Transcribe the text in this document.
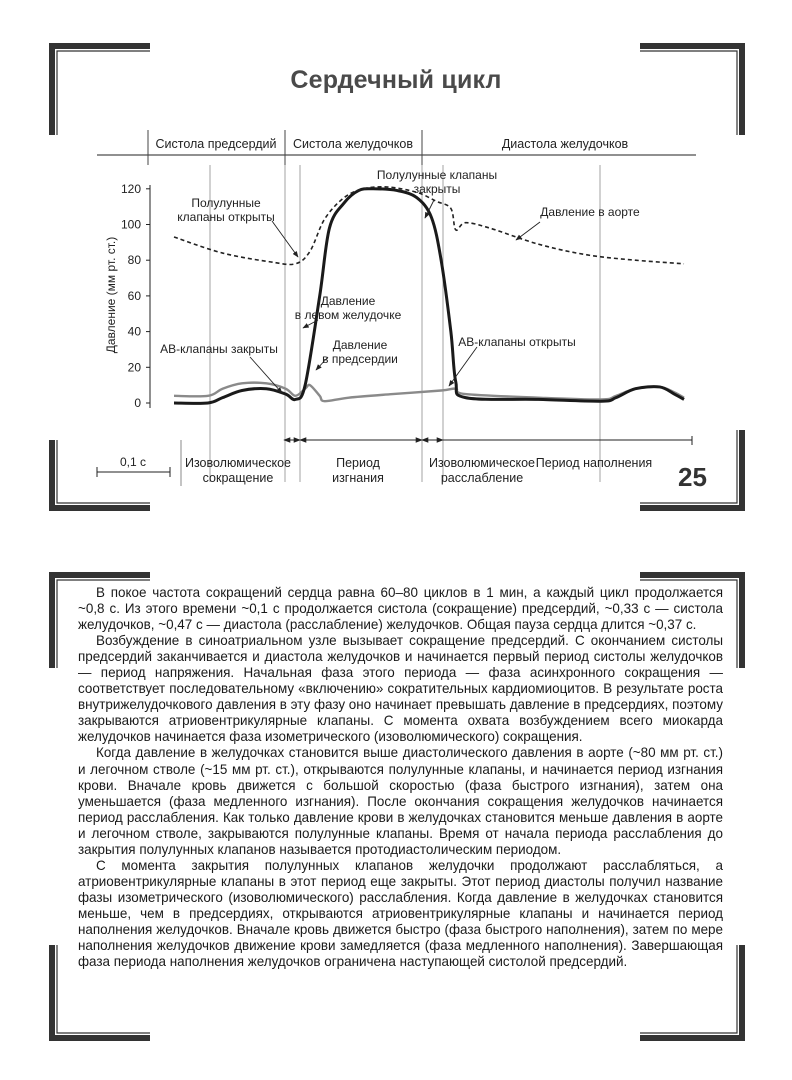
Сердечный цикл
Систола предсердий Систола желудочков	Диастола желудочков
0
20
40
60
80
100
120
Давление (мм рт. ст.)
Полулунные клапаны открыты
Полулунные клапаны закрыты
Давление в аорте
Давление в левом желудочке
Давление в предсердии
АВ-клапаны закрыты	АВ-клапаны открыты
Изоволюмическое сокращение
Период изгнания
Изоволюмическое расслабление
Период наполнения
0,1 с	25

В покое частота сокращений сердца равна 60–80 циклов в 1 мин, а каждый цикл продолжается ~0,8 с. Из этого времени ~0,1 с продолжается систола (сокращение) предсердий, ~0,33 с — систола желудочков, ~0,47 с — диастола (расслабление) желудочков. Общая пауза сердца длится ~0,37 с.

Возбуждение в синоатриальном узле вызывает сокращение предсердий. С окончанием систолы предсердий заканчивается и диастола желудочков и начинается первый период систолы желудочков — период напряжения. Начальная фаза этого периода — фаза асинхронного сокращения — соответствует последовательному «включению» сократительных кардиомиоцитов. В результате роста внутрижелудочкового давления в эту фазу оно начинает превышать давление в предсердиях, поэтому закрываются атриовентрикулярные клапаны. С момента охвата возбуждением всего миокарда желудочков начинается фаза изометрического (изоволюмического) сокращения.

Когда давление в желудочках становится выше диастолического давления в аорте (~80 мм рт. ст.) и легочном стволе (~15 мм рт. ст.), открываются полулунные клапаны, и начинается период изгнания крови. Вначале кровь движется с большой скоростью (фаза быстрого изгнания), затем она уменьшается (фаза медленного изгнания). После окончания сокращения желудочков начинается период расслабления. Как только давление крови в желудочках становится меньше давления в аорте и легочном стволе, закрываются полулунные клапаны. Время от начала периода расслабления до закрытия полулунных клапанов называется протодиастолическим периодом.

С момента закрытия полулунных клапанов желудочки продолжают расслабляться, а атриовентрикулярные клапаны в этот период еще закрыты. Этот период диастолы получил название фазы изометрического (изоволюмического) расслабления. Когда давление в желудочках становится меньше, чем в предсердиях, открываются атриовентрикулярные клапаны и начинается период наполнения желудочков. Вначале кровь движется быстро (фаза быстрого наполнения), затем по мере наполнения желудочков движение крови замедляется (фаза медленного наполнения). Завершающая фаза периода наполнения желудочков ограничена наступающей систолой предсердий.
